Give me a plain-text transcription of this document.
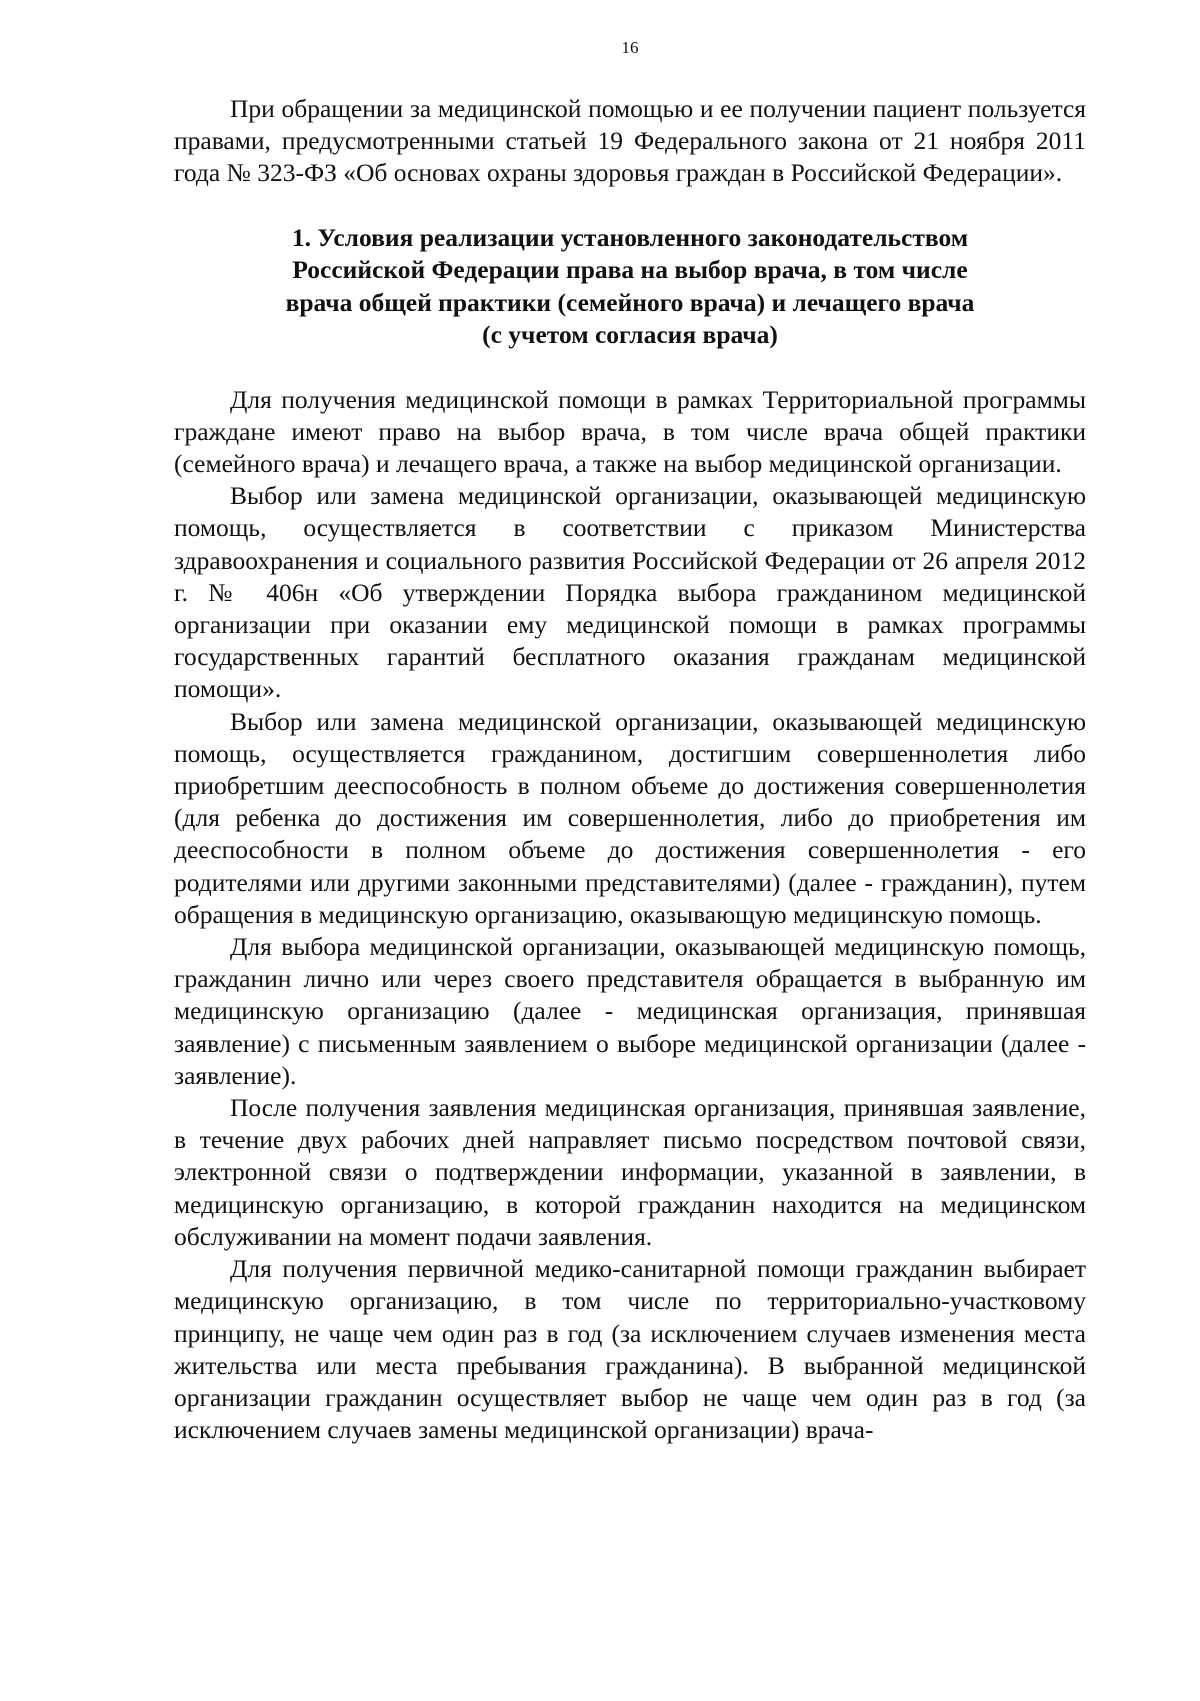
16

При обращении за медицинской помощью и ее получении пациент пользуется правами, предусмотренными статьей 19 Федерального закона от 21 ноября 2011 года № 323-ФЗ «Об основах охраны здоровья граждан в Российской Федерации».

1. Условия реализации установленного законодательством
Российской Федерации права на выбор врача, в том числе
врача общей практики (семейного врача) и лечащего врача
(с учетом согласия врача)

Для получения медицинской помощи в рамках Территориальной программы граждане имеют право на выбор врача, в том числе врача общей практики (семейного врача) и лечащего врача, а также на выбор медицинской организации.

Выбор или замена медицинской организации, оказывающей медицинскую помощь, осуществляется в соответствии с приказом Министерства здравоохранения и социального развития Российской Федерации от 26 апреля 2012 г. № 406н «Об утверждении Порядка выбора гражданином медицинской организации при оказании ему медицинской помощи в рамках программы государственных гарантий бесплатного оказания гражданам медицинской помощи».

Выбор или замена медицинской организации, оказывающей медицинскую помощь, осуществляется гражданином, достигшим совершеннолетия либо приобретшим дееспособность в полном объеме до достижения совершеннолетия (для ребенка до достижения им совершеннолетия, либо до приобретения им дееспособности в полном объеме до достижения совершеннолетия - его родителями или другими законными представителями) (далее - гражданин), путем обращения в медицинскую организацию, оказывающую медицинскую помощь.

Для выбора медицинской организации, оказывающей медицинскую помощь, гражданин лично или через своего представителя обращается в выбранную им медицинскую организацию (далее - медицинская организация, принявшая заявление) с письменным заявлением о выборе медицинской организации (далее - заявление).

После получения заявления медицинская организация, принявшая заявление, в течение двух рабочих дней направляет письмо посредством почтовой связи, электронной связи о подтверждении информации, указанной в заявлении, в медицинскую организацию, в которой гражданин находится на медицинском обслуживании на момент подачи заявления.

Для получения первичной медико-санитарной помощи гражданин выбирает медицинскую организацию, в том числе по территориально-участковому принципу, не чаще чем один раз в год (за исключением случаев изменения места жительства или места пребывания гражданина). В выбранной медицинской организации гражданин осуществляет выбор не чаще чем один раз в год (за исключением случаев замены медицинской организации) врача-
